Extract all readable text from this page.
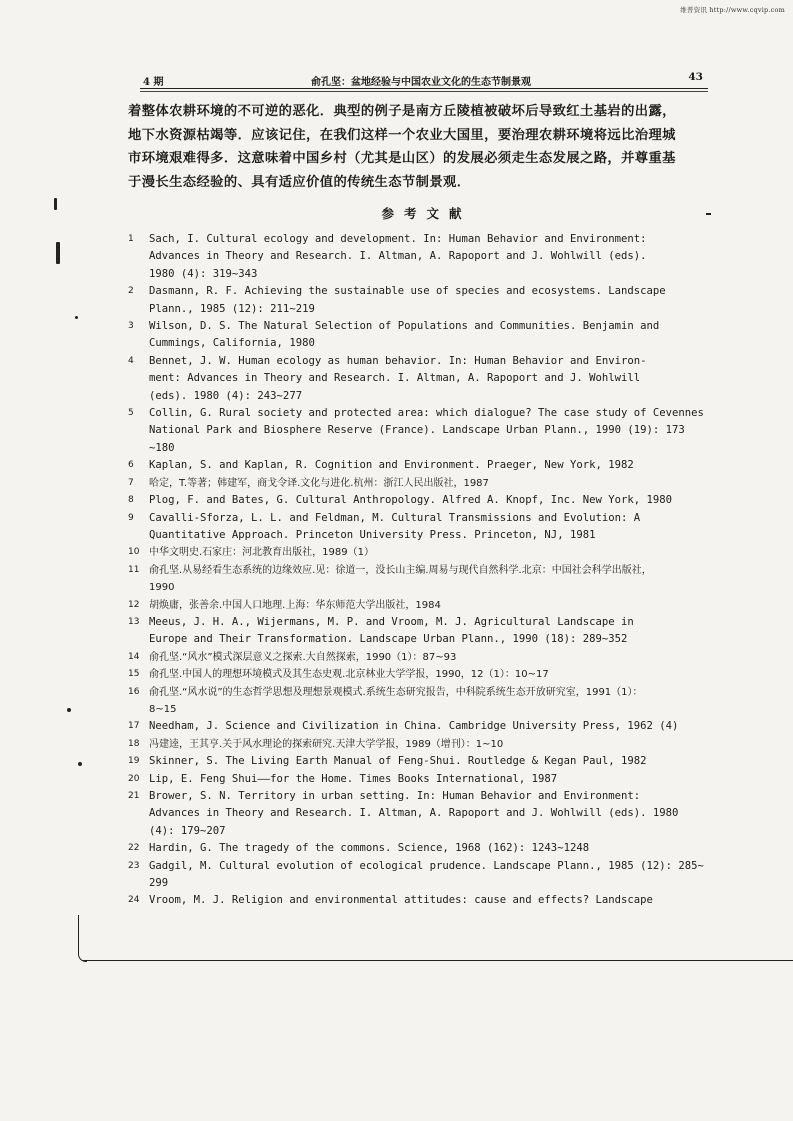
维普资讯 http://www.cqvip.com
4 期	俞孔坚：盆地经验与中国农业文化的生态节制景观	43
着整体农耕环境的不可逆的恶化．典型的例子是南方丘陵植被破坏后导致红土基岩的出露，
地下水资源枯竭等．应该记住，在我们这样一个农业大国里，要治理农耕环境将远比治理城
市环境艰难得多．这意味着中国乡村（尤其是山区）的发展必须走生态发展之路，并尊重基
于漫长生态经验的、具有适应价值的传统生态节制景观．
参考文献
1	Sach, I. Cultural ecology and development. In: Human Behavior and Environment:
Advances in Theory and Research. I. Altman, A. Rapoport and J. Wohlwill (eds).
1980 (4): 319~343
2	Dasmann, R. F. Achieving the sustainable use of species and ecosystems. Landscape
Plann., 1985 (12): 211~219
3	Wilson, D. S. The Natural Selection of Populations and Communities. Benjamin and
Cummings, California, 1980
4	Bennet, J. W. Human ecology as human behavior. In: Human Behavior and Environ-
ment: Advances in Theory and Research. I. Altman, A. Rapoport and J. Wohlwill
(eds). 1980 (4): 243~277
5	Collin, G. Rural society and protected area: which dialogue? The case study of Cevennes
National Park and Biosphere Reserve (France). Landscape Urban Plann., 1990 (19): 173
~180
6	Kaplan, S. and Kaplan, R. Cognition and Environment. Praeger, New York, 1982
7	哈定，T.等著；韩建军，商戈令译.文化与进化.杭州：浙江人民出版社，1987
8	Plog, F. and Bates, G. Cultural Anthropology. Alfred A. Knopf, Inc. New York, 1980
9	Cavalli-Sforza, L. L. and Feldman, M. Cultural Transmissions and Evolution: A
Quantitative Approach. Princeton University Press. Princeton, NJ, 1981
10 中华文明史.石家庄：河北教育出版社，1989（1）
11 俞孔坚.从易经看生态系统的边缘效应.见：徐道一，没长山主编.周易与现代自然科学.北京：中国社会科学出版社，
1990
12 胡焕庸，张善余.中国人口地理.上海：华东师范大学出版社，1984
13 Meeus, J. H. A., Wijermans, M. P. and Vroom, M. J. Agricultural Landscape in
Europe and Their Transformation. Landscape Urban Plann., 1990 (18): 289~352
14 俞孔坚.“风水”模式深层意义之探索.大自然探索，1990（1）：87~93
15 俞孔坚.中国人的理想环境模式及其生态史观.北京林业大学学报，1990，12（1）：10~17
16 俞孔坚.“风水说”的生态哲学思想及理想景观模式.系统生态研究报告，中科院系统生态开放研究室，1991（1）：
8~15
17 Needham, J. Science and Civilization in China. Cambridge University Press, 1962 (4)
18 冯建逵，王其亨.关于风水理论的探索研究.天津大学学报，1989（增刊）：1~10
19 Skinner, S. The Living Earth Manual of Feng-Shui. Routledge & Kegan Paul, 1982
20 Lip, E. Feng Shui——for the Home. Times Books International, 1987
21 Brower, S. N. Territory in urban setting. In: Human Behavior and Environment:
Advances in Theory and Research. I. Altman, A. Rapoport and J. Wohlwill (eds). 1980
(4): 179~207
22 Hardin, G. The tragedy of the commons. Science, 1968 (162): 1243~1248
23 Gadgil, M. Cultural evolution of ecological prudence. Landscape Plann., 1985 (12): 285~
299
24 Vroom, M. J. Religion and environmental attitudes: cause and effects? Landscape
